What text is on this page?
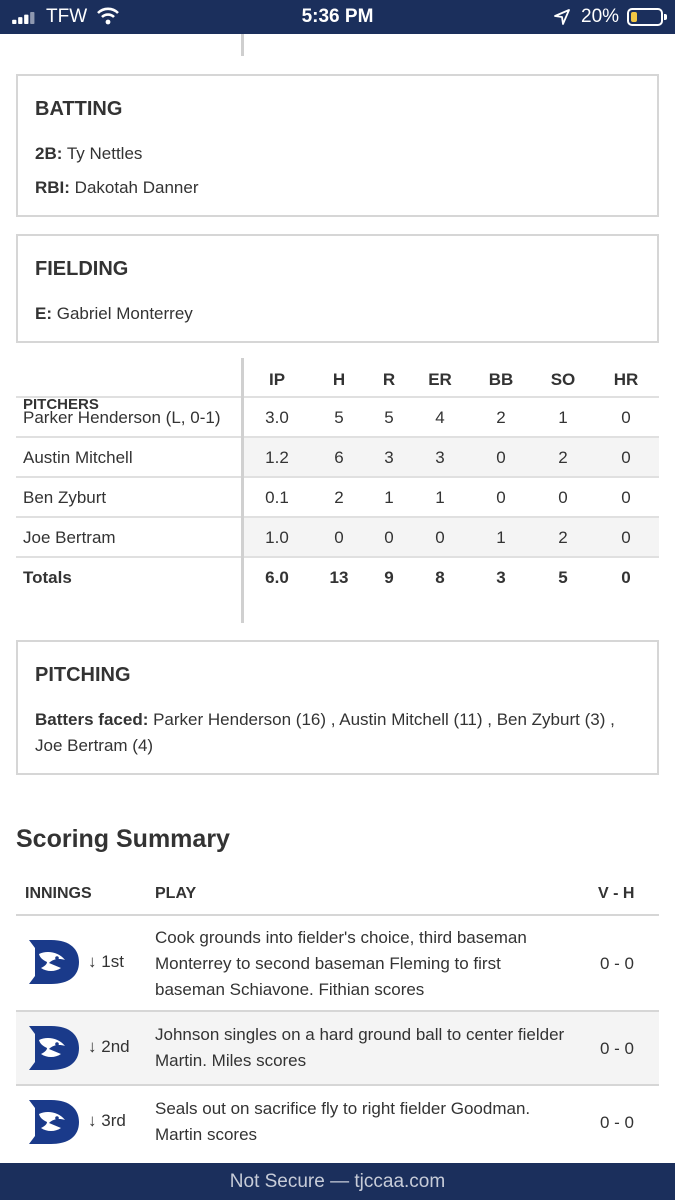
TFW	5:36 PM	20%
BATTING
2B: Ty Nettles
RBI: Dakotah Danner
FIELDING
E: Gabriel Monterrey
IP	H	R	ER	BB	SO	HR
Parker Henderson (L, 0-1)	3.0	5	5	4	2	1	0
Austin Mitchell	1.2	6	3	3	0	2	0
Ben Zyburt	0.1	2	1	1	0	0	0
Joe Bertram	1.0	0	0	0	1	2	0
Totals	6.0	13	9	8	3	5	0
PITCHERS
PITCHING
Batters faced: Parker Henderson (16) , Austin Mitchell (11) , Ben Zyburt (3) ,
Joe Bertram (4)
Scoring Summary
INNINGS	PLAY	V - H
↓ 1st
Cook grounds into fielder's choice, third baseman Monterrey to second baseman Fleming to first baseman Schiavone. Fithian scores
0 - 0
↓ 2nd
Johnson singles on a hard ground ball to center fielder Martin. Miles scores
0 - 0
↓ 3rd
Seals out on sacrifice fly to right fielder Goodman. Martin scores
0 - 0
Not Secure — tjccaa.com
